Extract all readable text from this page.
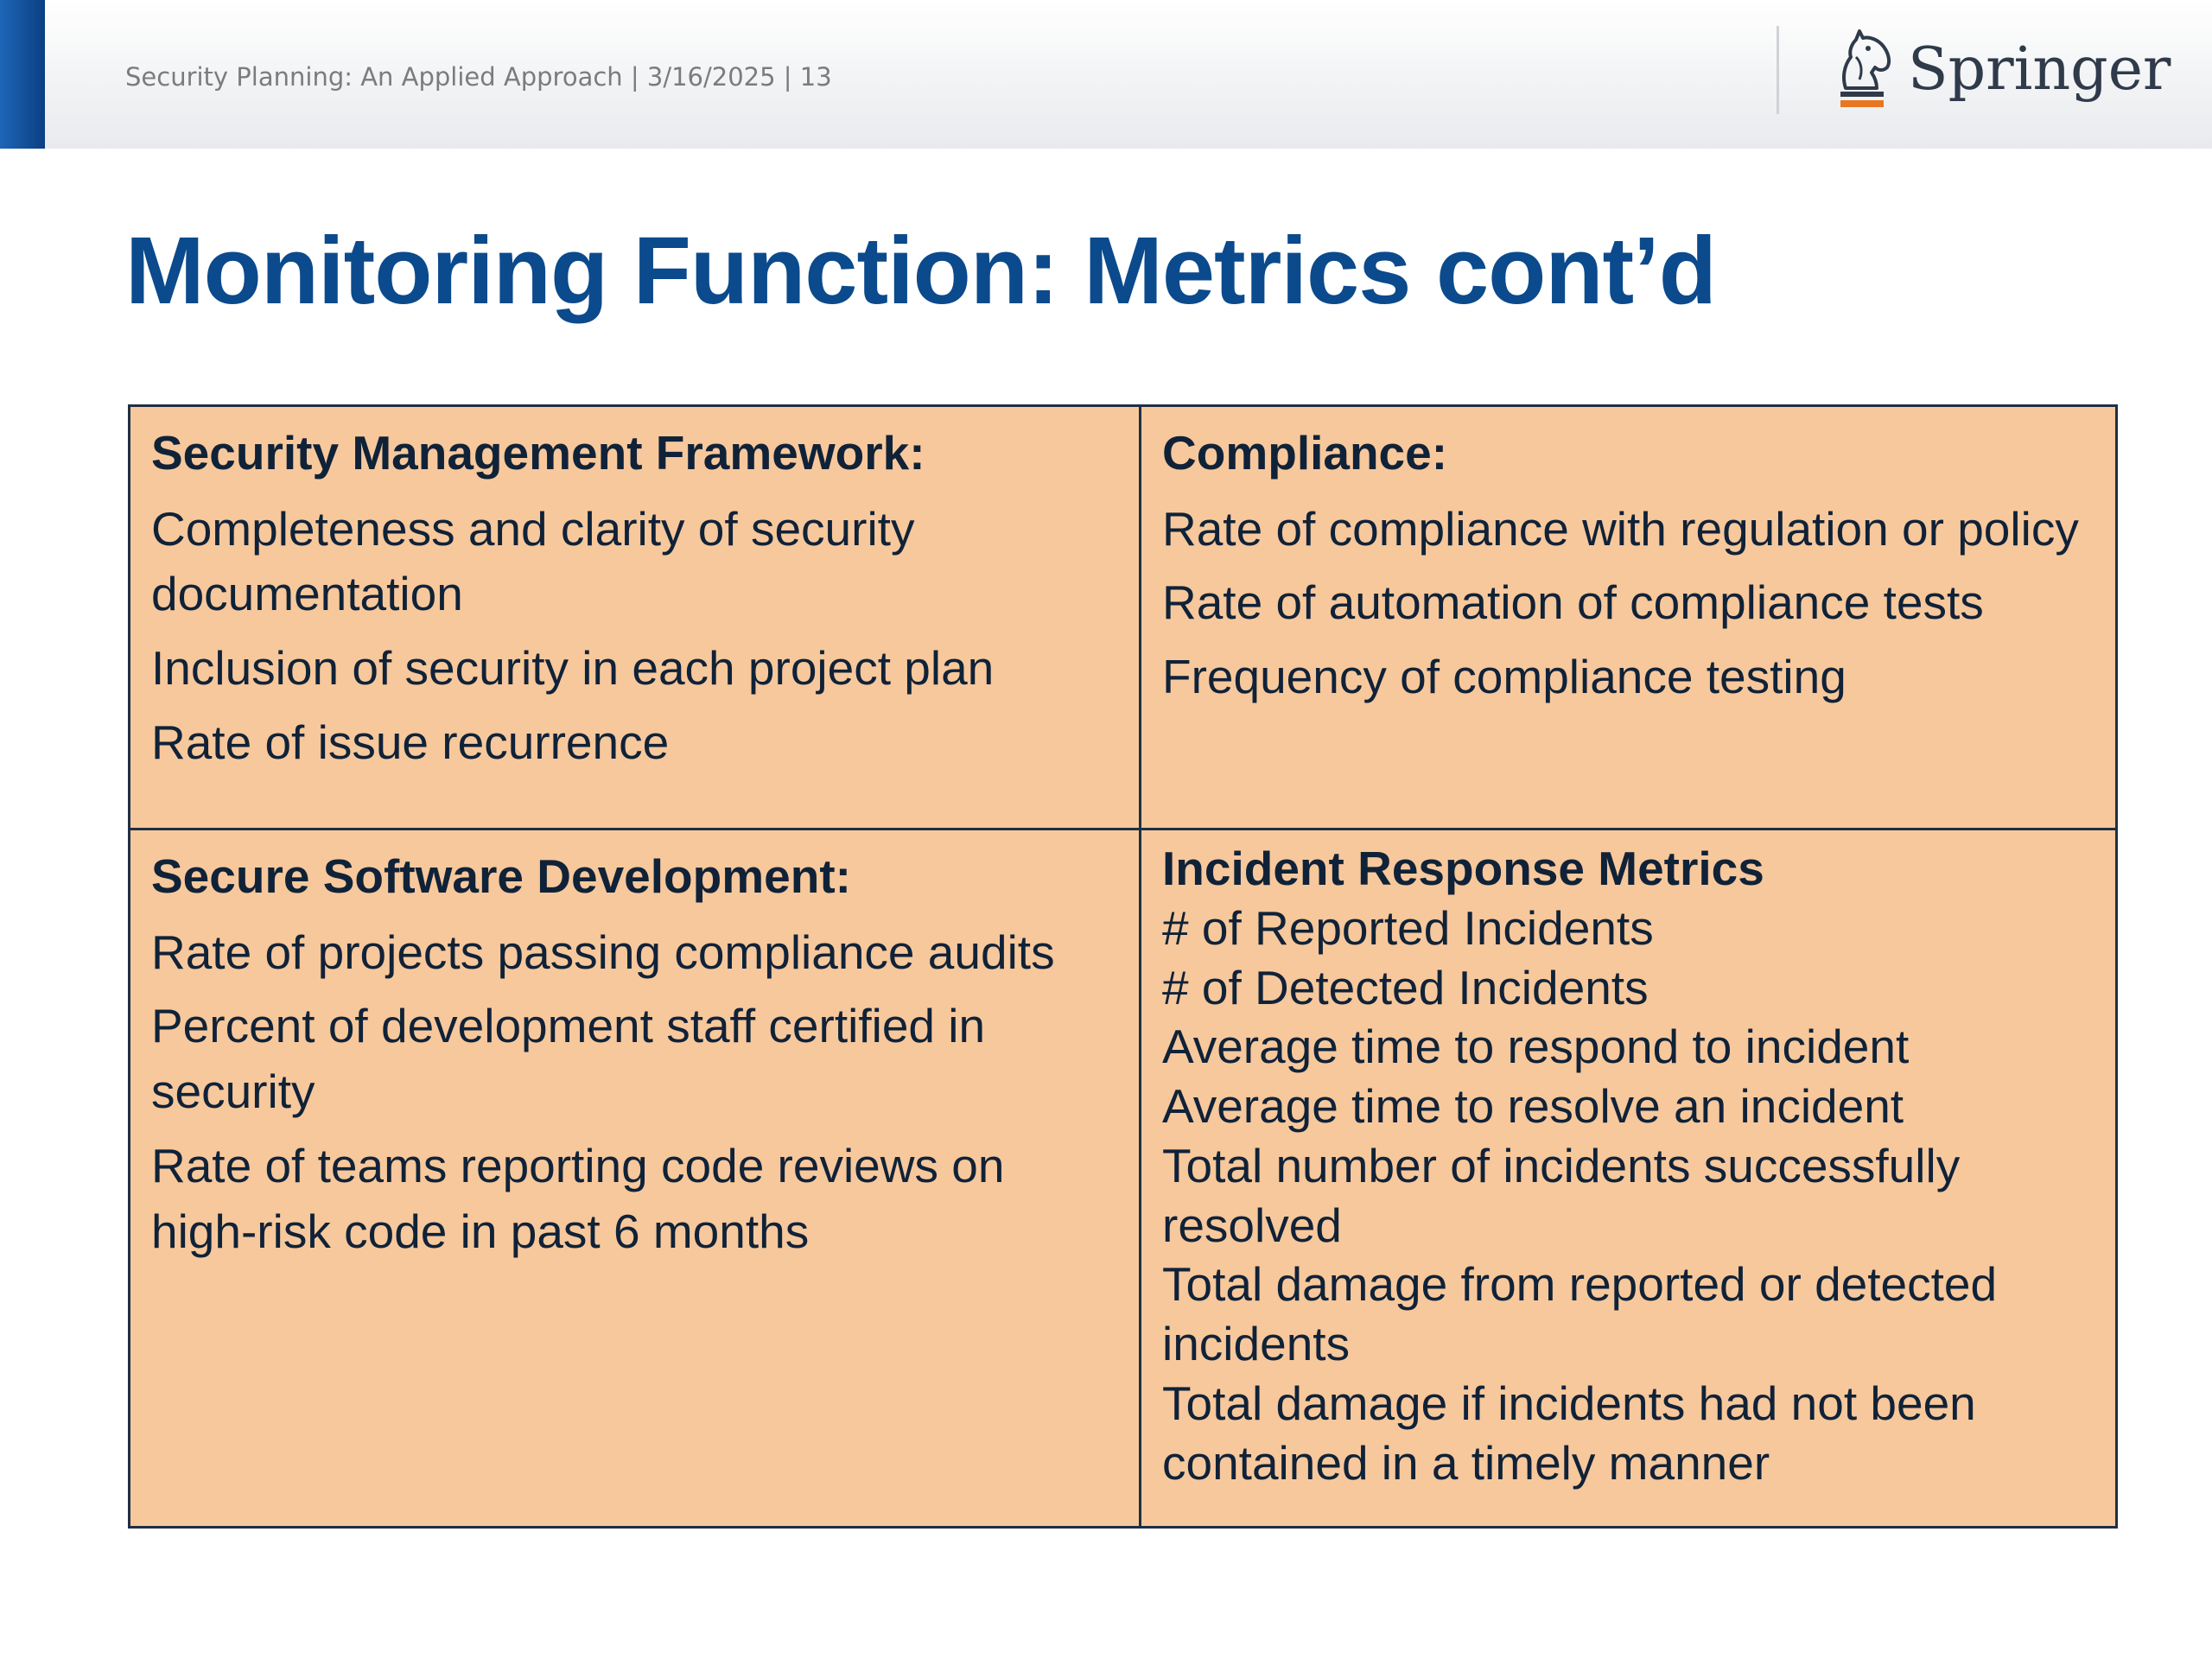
Security Planning: An Applied Approach | 3/16/2025 | 13	Springer
Monitoring Function: Metrics cont’d
Security Management Framework:
Completeness and clarity of security documentation
Inclusion of security in each project plan
Rate of issue recurrence
Compliance:
Rate of compliance with regulation or policy
Rate of automation of compliance tests
Frequency of compliance testing
Secure Software Development:
Rate of projects passing compliance audits
Percent of development staff certified in security
Rate of teams reporting code reviews on high-risk code in past 6 months
Incident Response Metrics
# of Reported Incidents
# of Detected Incidents
Average time to respond to incident
Average time to resolve an incident
Total number of incidents successfully resolved
Total damage from reported or detected incidents
Total damage if incidents had not been contained in a timely manner
